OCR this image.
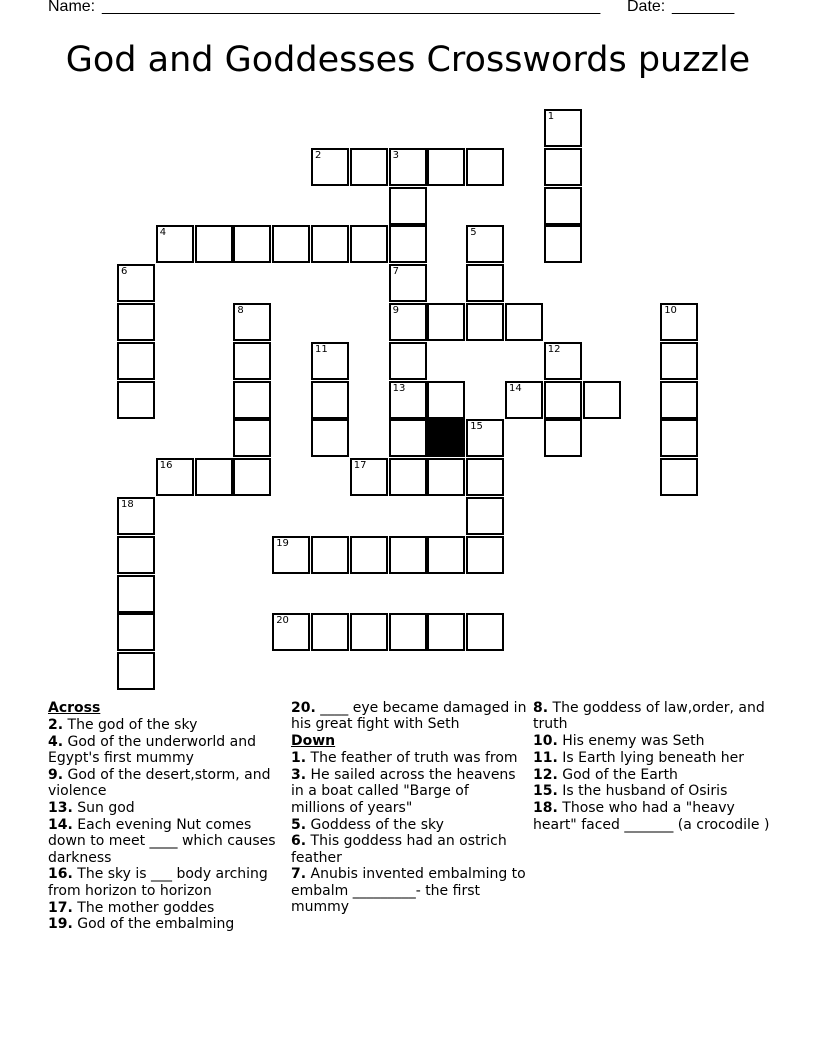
Name: ________________________________________________________ Date: _______
God and Goddesses Crosswords puzzle
1
2	3
4	5
6	7
8	9	10
11	12
13	14
15
16	17
18
19
20
Across
2. The god of the sky
4. God of the underworld and Egypt's first mummy
9. God of the desert,storm, and violence
13. Sun god
14. Each evening Nut comes down to meet ____ which causes darkness
16. The sky is ___ body arching from horizon to horizon
17. The mother goddes
19. God of the embalming
20. ____ eye became damaged in his great fight with Seth
Down
1. The feather of truth was from
3. He sailed across the heavens in a boat called "Barge of millions of years"
5. Goddess of the sky
6. This goddess had an ostrich feather
7. Anubis invented embalming to embalm _________- the first mummy
8. The goddess of law,order, and truth
10. His enemy was Seth
11. Is Earth lying beneath her
12. God of the Earth
15. Is the husband of Osiris
18. Those who had a "heavy heart" faced _______ (a crocodile )
